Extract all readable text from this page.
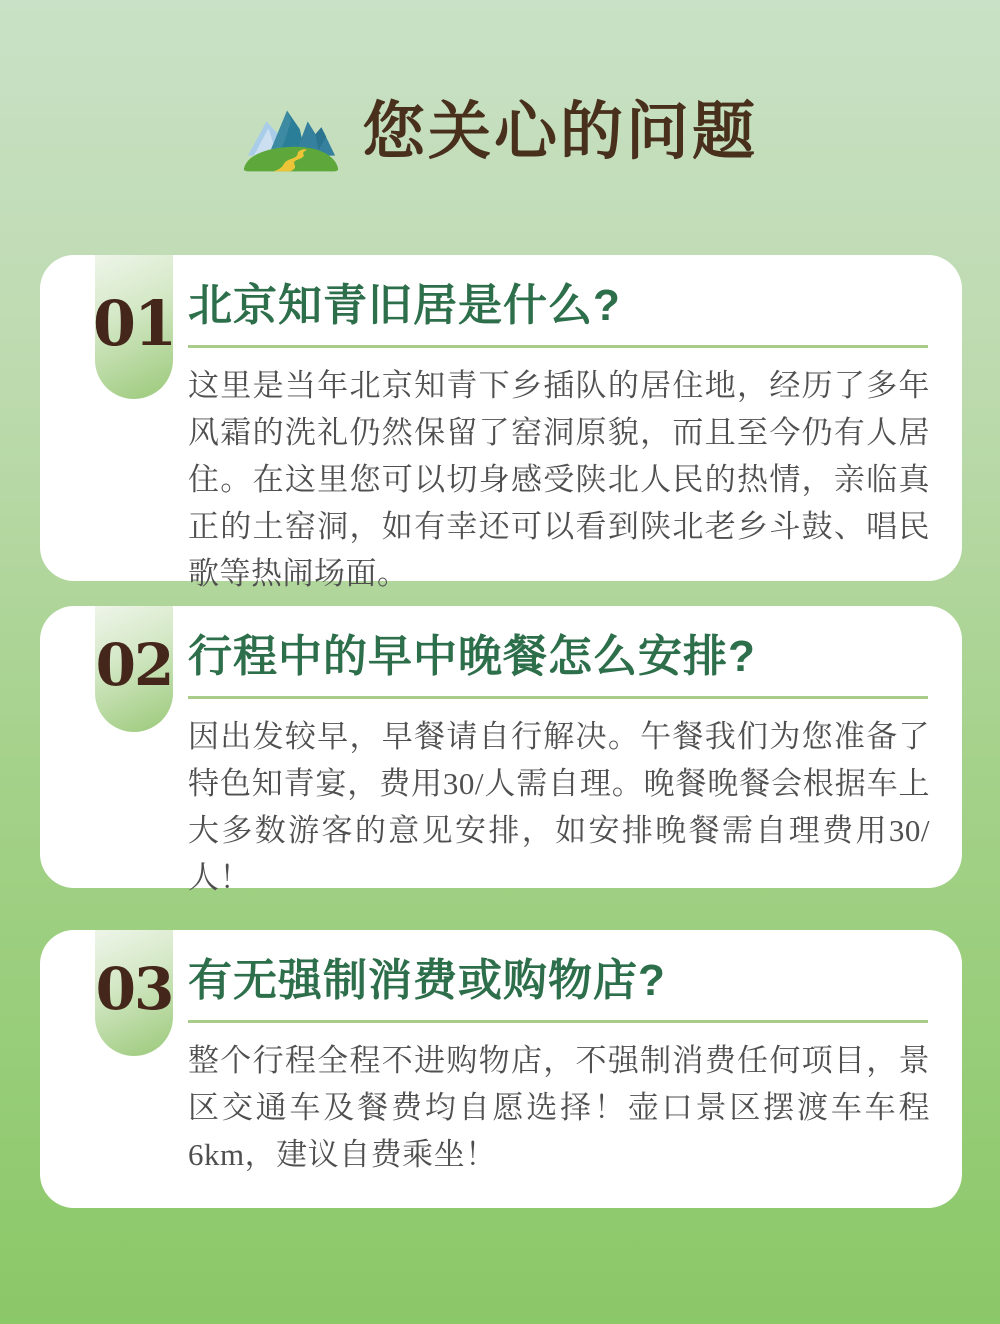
您关心的问题
01 北京知青旧居是什么?

这里是当年北京知青下乡插队的居住地，经历了多年风霜的洗礼仍然保留了窑洞原貌，而且至今仍有人居住。在这里您可以切身感受陕北人民的热情，亲临真正的土窑洞，如有幸还可以看到陕北老乡斗鼓、唱民歌等热闹场面。

02 行程中的早中晚餐怎么安排?

因出发较早，早餐请自行解决。午餐我们为您准备了特色知青宴，费用30/人需自理。晚餐晚餐会根据车上大多数游客的意见安排，如安排晚餐需自理费用30/人！

03 有无强制消费或购物店?

整个行程全程不进购物店，不强制消费任何项目，景区交通车及餐费均自愿选择！壶口景区摆渡车车程6km，建议自费乘坐！
